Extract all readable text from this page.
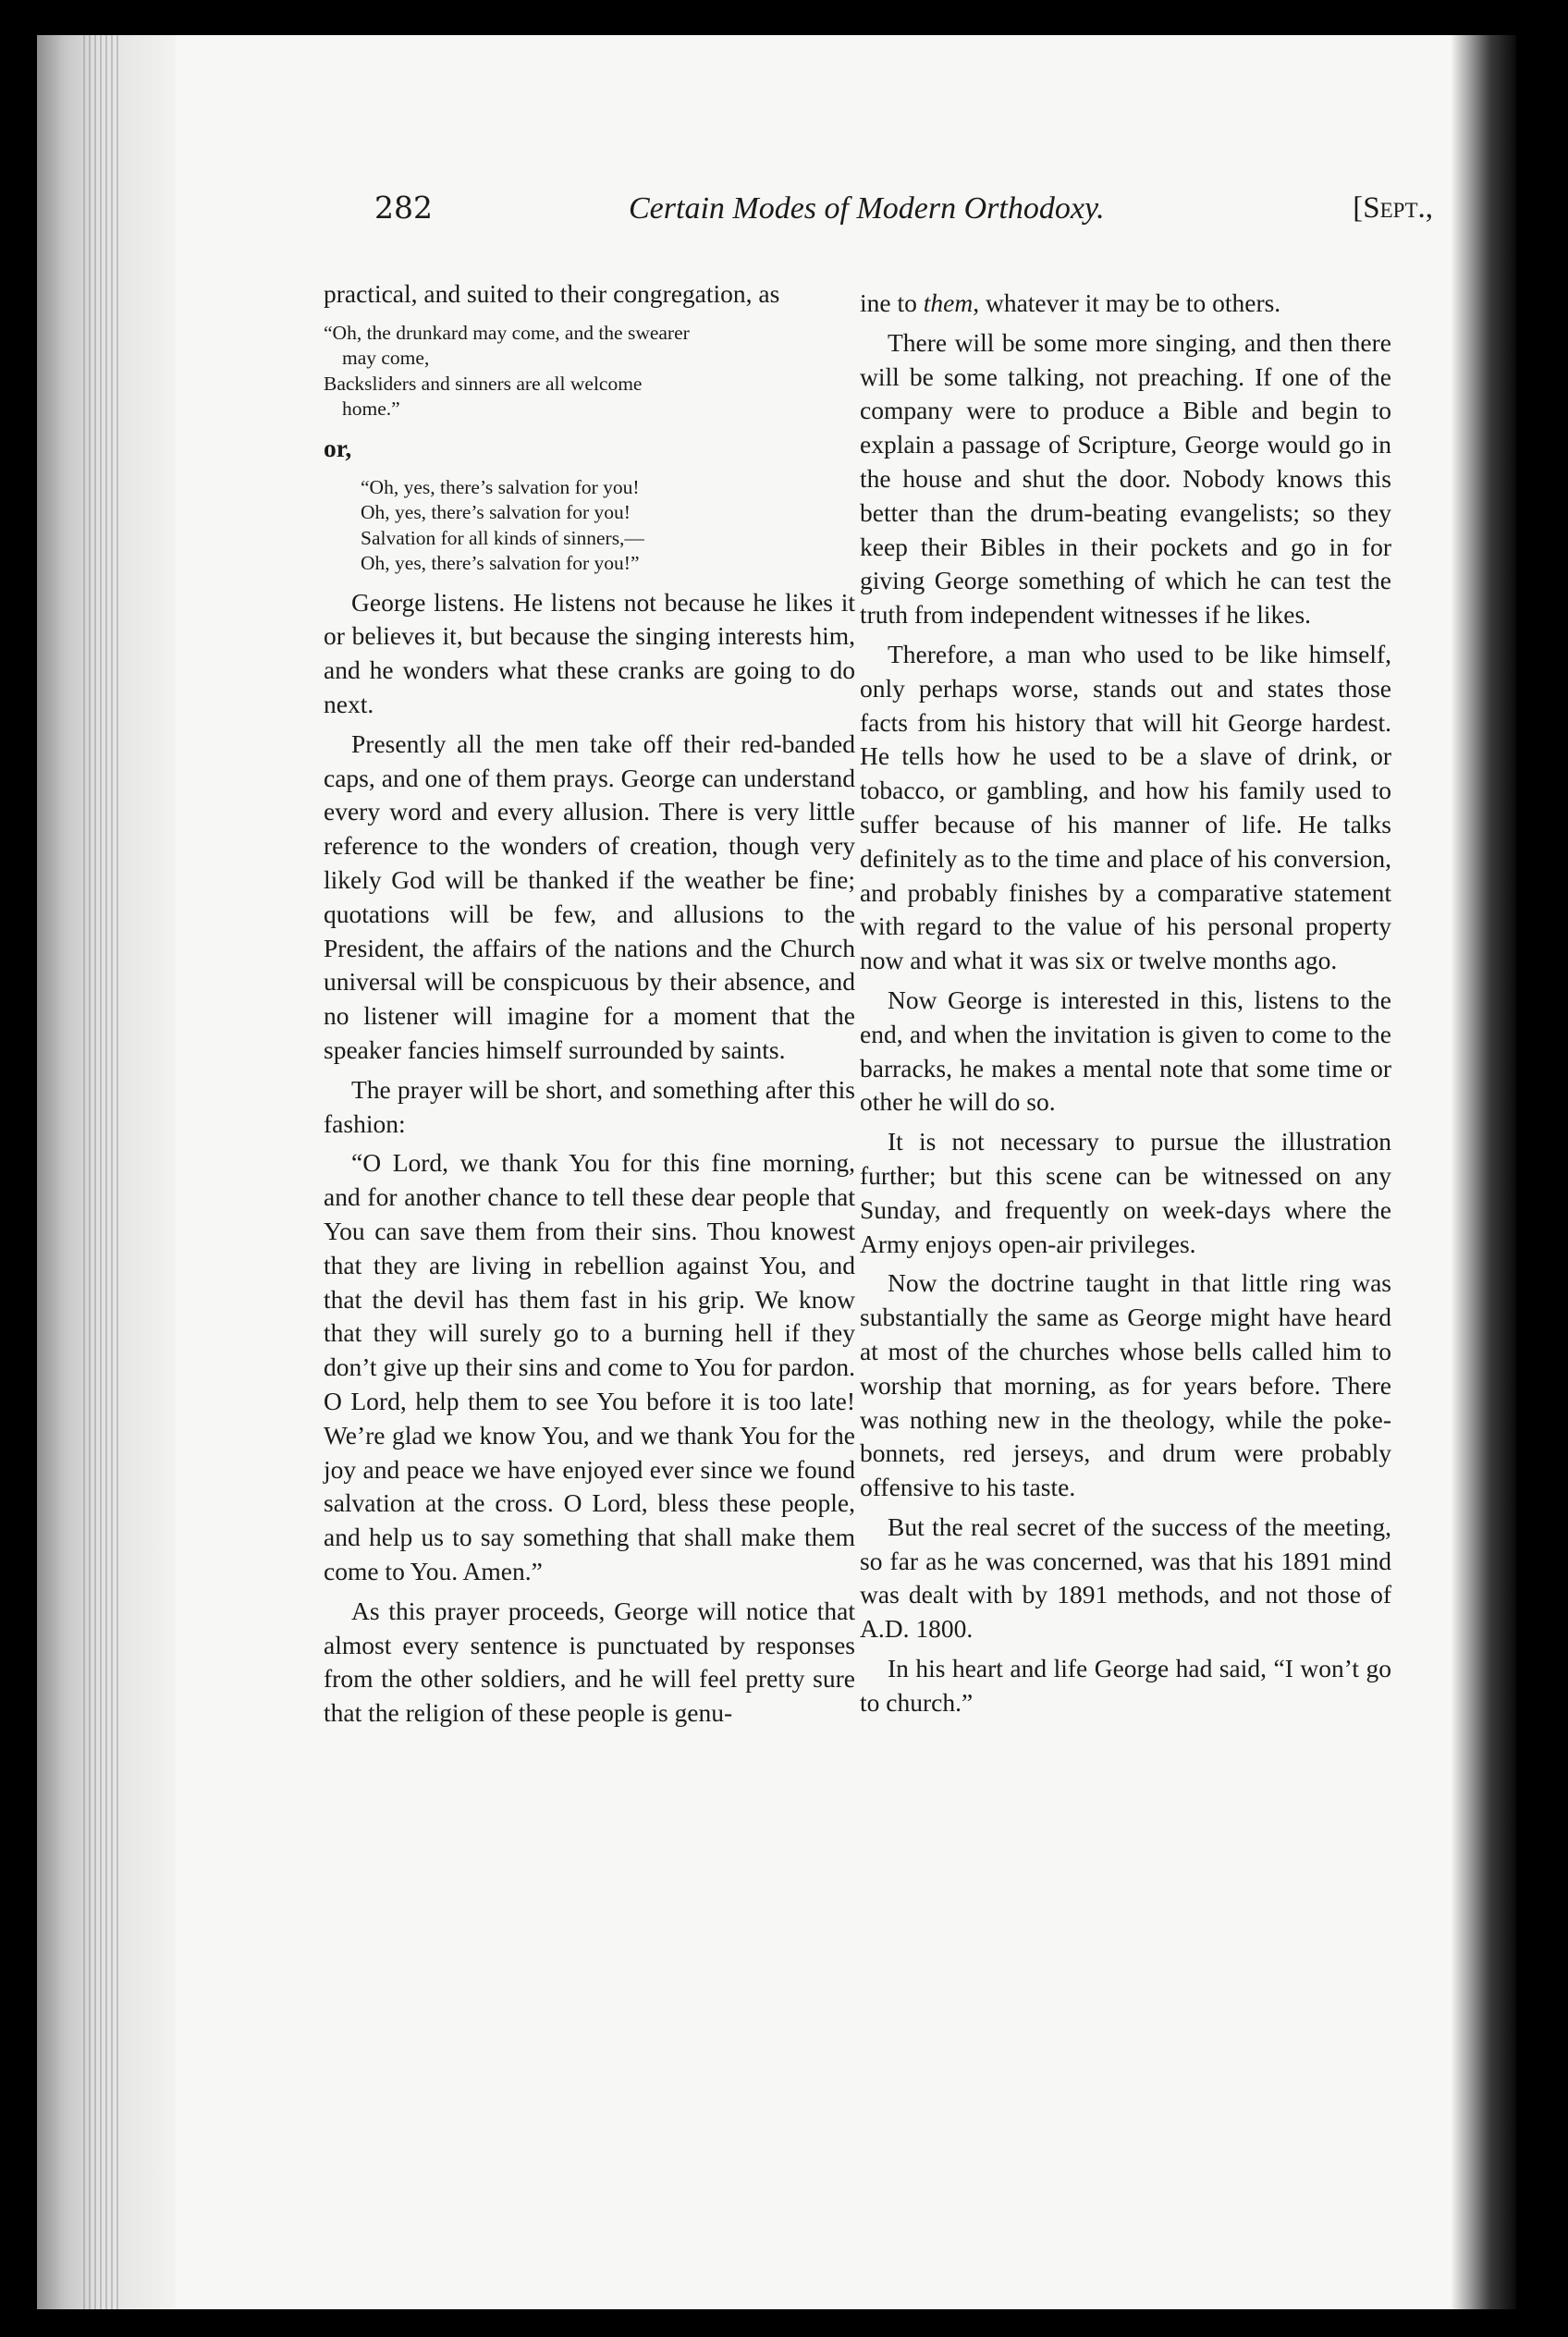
282	Certain Modes of Modern Orthodoxy.	[Sept.,

practical, and suited to their congregation, as

“Oh, the drunkard may come, and the swearer
may come,
Backsliders and sinners are all welcome
home.”
or,
“Oh, yes, there’s salvation for you!
Oh, yes, there’s salvation for you!
Salvation for all kinds of sinners,—
Oh, yes, there’s salvation for you!”

George listens. He listens not because he likes it or believes it, but because the singing interests him, and he wonders what these cranks are going to do next.

Presently all the men take off their red-banded caps, and one of them prays. George can understand every word and every allusion. There is very little reference to the wonders of creation, though very likely God will be thanked if the weather be fine; quotations will be few, and allusions to the President, the affairs of the nations and the Church universal will be conspicuous by their absence, and no listener will imagine for a moment that the speaker fancies himself surrounded by saints.

The prayer will be short, and something after this fashion:

“O Lord, we thank You for this fine morning, and for another chance to tell these dear people that You can save them from their sins. Thou knowest that they are living in rebellion against You, and that the devil has them fast in his grip. We know that they will surely go to a burning hell if they don’t give up their sins and come to You for pardon. O Lord, help them to see You before it is too late! We’re glad we know You, and we thank You for the joy and peace we have enjoyed ever since we found salvation at the cross. O Lord, bless these people, and help us to say something that shall make them come to You. Amen.”

As this prayer proceeds, George will notice that almost every sentence is punctuated by responses from the other soldiers, and he will feel pretty sure that the religion of these people is genu-

ine to them, whatever it may be to others.

There will be some more singing, and then there will be some talking, not preaching. If one of the company were to produce a Bible and begin to explain a passage of Scripture, George would go in the house and shut the door. Nobody knows this better than the drum-beating evangelists; so they keep their Bibles in their pockets and go in for giving George something of which he can test the truth from independent witnesses if he likes.

Therefore, a man who used to be like himself, only perhaps worse, stands out and states those facts from his history that will hit George hardest. He tells how he used to be a slave of drink, or tobacco, or gambling, and how his family used to suffer because of his manner of life. He talks definitely as to the time and place of his conversion, and probably finishes by a comparative statement with regard to the value of his personal property now and what it was six or twelve months ago.

Now George is interested in this, listens to the end, and when the invitation is given to come to the barracks, he makes a mental note that some time or other he will do so.

It is not necessary to pursue the illustration further; but this scene can be witnessed on any Sunday, and frequently on week-days where the Army enjoys open-air privileges.

Now the doctrine taught in that little ring was substantially the same as George might have heard at most of the churches whose bells called him to worship that morning, as for years before. There was nothing new in the theology, while the poke-bonnets, red jerseys, and drum were probably offensive to his taste.

But the real secret of the success of the meeting, so far as he was concerned, was that his 1891 mind was dealt with by 1891 methods, and not those of A.D. 1800.

In his heart and life George had said, “I won’t go to church.”
